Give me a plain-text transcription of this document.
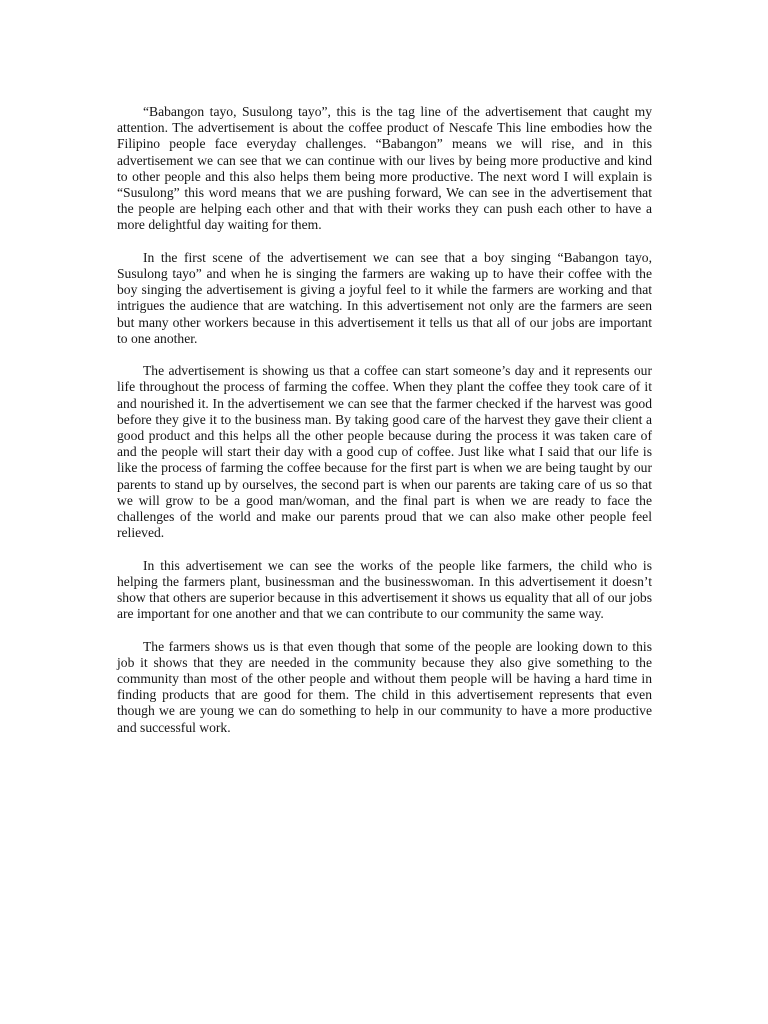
“Babangon tayo, Susulong tayo”, this is the tag line of the advertisement that caught my attention. The advertisement is about the coffee product of Nescafe This line embodies how the Filipino people face everyday challenges. “Babangon” means we will rise, and in this advertisement we can see that we can continue with our lives by being more productive and kind to other people and this also helps them being more productive. The next word I will explain is “Susulong” this word means that we are pushing forward, We can see in the advertisement that the people are helping each other and that with their works they can push each other to have a more delightful day waiting for them.

In the first scene of the advertisement we can see that a boy singing “Babangon tayo, Susulong tayo” and when he is singing the farmers are waking up to have their coffee with the boy singing the advertisement is giving a joyful feel to it while the farmers are working and that intrigues the audience that are watching. In this advertisement not only are the farmers are seen but many other workers because in this advertisement it tells us that all of our jobs are important to one another.

The advertisement is showing us that a coffee can start someone’s day and it represents our life throughout the process of farming the coffee. When they plant the coffee they took care of it and nourished it. In the advertisement we can see that the farmer checked if the harvest was good before they give it to the business man. By taking good care of the harvest they gave their client a good product and this helps all the other people because during the process it was taken care of and the people will start their day with a good cup of coffee. Just like what I said that our life is like the process of farming the coffee because for the first part is when we are being taught by our parents to stand up by ourselves, the second part is when our parents are taking care of us so that we will grow to be a good man/woman, and the final part is when we are ready to face the challenges of the world and make our parents proud that we can also make other people feel relieved.

In this advertisement we can see the works of the people like farmers, the child who is helping the farmers plant, businessman and the businesswoman. In this advertisement it doesn’t show that others are superior because in this advertisement it shows us equality that all of our jobs are important for one another and that we can contribute to our community the same way.

The farmers shows us is that even though that some of the people are looking down to this job it shows that they are needed in the community because they also give something to the community than most of the other people and without them people will be having a hard time in finding products that are good for them. The child in this advertisement represents that even though we are young we can do something to help in our community to have a more productive and successful work.
